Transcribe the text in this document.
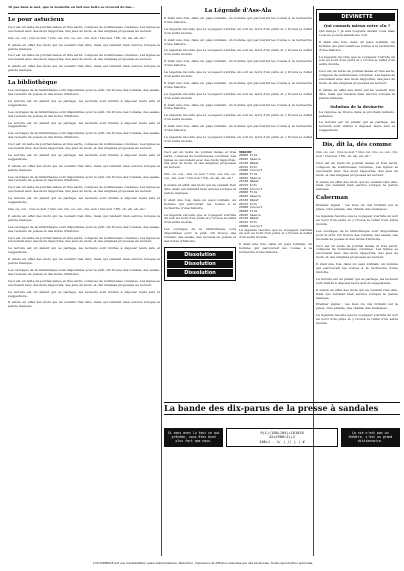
10 pas dans le mot, que la bouteille en fait une boite se trouvait de bas...
Le pour astucieux
Ceci est un texte de journal dense et très serré, composé de nombreuses colonnes. Les lignes se succèdent avec des mots rapportés, des jeux de mots, et des énigmes proposées au lecteur.
Oui, ou, oui - Oui ou non ? Oui, oui. Ou, ou, oui - Ou, non ! Oui non ? Eh, oh, ah, eh, eh !
Il existe en effet des mots qui ne veulent rien dire, mais qui rendent bien service lorsque la parole manque.
Ceci est un texte de journal dense et très serré, composé de nombreuses colonnes. Les lignes se succèdent avec des mots rapportés, des jeux de mots, et des énigmes proposées au lecteur.
Il existe en effet des mots qui ne veulent rien dire, mais qui rendent bien service lorsque la parole manque.
La bibliothèque
Les ouvrages de la bibliothèque sont disponibles pour le prêt. On trouve des romans, des essais, des recueils de poésie et des livres d'histoire.
La lecture est un plaisir qui se partage, les lecteurs sont invités à déposer leurs avis et suggestions.
Les ouvrages de la bibliothèque sont disponibles pour le prêt. On trouve des romans, des essais, des recueils de poésie et des livres d'histoire.
La lecture est un plaisir qui se partage, les lecteurs sont invités à déposer leurs avis et suggestions.
Les ouvrages de la bibliothèque sont disponibles pour le prêt. On trouve des romans, des essais, des recueils de poésie et des livres d'histoire.
Ceci est un texte de journal dense et très serré, composé de nombreuses colonnes. Les lignes se succèdent avec des mots rapportés, des jeux de mots, et des énigmes proposées au lecteur.
La lecture est un plaisir qui se partage, les lecteurs sont invités à déposer leurs avis et suggestions.
Il existe en effet des mots qui ne veulent rien dire, mais qui rendent bien service lorsque la parole manque.
Les ouvrages de la bibliothèque sont disponibles pour le prêt. On trouve des romans, des essais, des recueils de poésie et des livres d'histoire.
Ceci est un texte de journal dense et très serré, composé de nombreuses colonnes. Les lignes se succèdent avec des mots rapportés, des jeux de mots, et des énigmes proposées au lecteur.
La lecture est un plaisir qui se partage, les lecteurs sont invités à déposer leurs avis et suggestions.
Oui, ou, oui - Oui ou non ? Oui, oui. Ou, ou, oui - Ou, non ! Oui non ? Eh, oh, ah, eh, eh !
Il existe en effet des mots qui ne veulent rien dire, mais qui rendent bien service lorsque la parole manque.
Les ouvrages de la bibliothèque sont disponibles pour le prêt. On trouve des romans, des essais, des recueils de poésie et des livres d'histoire.
Ceci est un texte de journal dense et très serré, composé de nombreuses colonnes. Les lignes se succèdent avec des mots rapportés, des jeux de mots, et des énigmes proposées au lecteur.
La lecture est un plaisir qui se partage, les lecteurs sont invités à déposer leurs avis et suggestions.
Il existe en effet des mots qui ne veulent rien dire, mais qui rendent bien service lorsque la parole manque.
Les ouvrages de la bibliothèque sont disponibles pour le prêt. On trouve des romans, des essais, des recueils de poésie et des livres d'histoire.
Ceci est un texte de journal dense et très serré, composé de nombreuses colonnes. Les lignes se succèdent avec des mots rapportés, des jeux de mots, et des énigmes proposées au lecteur.
La lecture est un plaisir qui se partage, les lecteurs sont invités à déposer leurs avis et suggestions.
Il existe en effet des mots qui ne veulent rien dire, mais qui rendent bien service lorsque la parole manque.
La Légende d'Ass-Ala
Il était une fois, dans un pays lointain, un homme qui parcourait les routes à la recherche d'une histoire.
La légende raconte que le voyageur s'arrêta un soir au bord d'un puits et y trouva le reflet d'un autre monde.
Il était une fois, dans un pays lointain, un homme qui parcourait les routes à la recherche d'une histoire.
La légende raconte que le voyageur s'arrêta un soir au bord d'un puits et y trouva le reflet d'un autre monde.
Il était une fois, dans un pays lointain, un homme qui parcourait les routes à la recherche d'une histoire.
La légende raconte que le voyageur s'arrêta un soir au bord d'un puits et y trouva le reflet d'un autre monde.
Il était une fois, dans un pays lointain, un homme qui parcourait les routes à la recherche d'une histoire.
La légende raconte que le voyageur s'arrêta un soir au bord d'un puits et y trouva le reflet d'un autre monde.
Il était une fois, dans un pays lointain, un homme qui parcourait les routes à la recherche d'une histoire.
La légende raconte que le voyageur s'arrêta un soir au bord d'un puits et y trouva le reflet d'un autre monde.
Il était une fois, dans un pays lointain, un homme qui parcourait les routes à la recherche d'une histoire.
La légende raconte que le voyageur s'arrêta un soir au bord d'un puits et y trouva le reflet d'un autre monde.
Ceci est un texte de journal dense et très serré, composé de nombreuses colonnes. Les lignes se succèdent avec des mots rapportés, des jeux de mots, et des énigmes proposées au lecteur.
Oui, ou, oui - Oui ou non ? Oui, oui. Ou, ou, oui - Ou, non ! Oui non ? Eh, oh, ah, eh, eh !
Il existe en effet des mots qui ne veulent rien dire, mais qui rendent bien service lorsque la parole manque.
Il était une fois, dans un pays lointain, un homme qui parcourait les routes à la recherche d'une histoire.
La légende raconte que le voyageur s'arrêta un soir au bord d'un puits et y trouva le reflet d'un autre monde.
Les ouvrages de la bibliothèque sont disponibles pour le prêt. On trouve des romans, des essais, des recueils de poésie et des livres d'histoire.
Dissolution
Dissolution
Dissolution
HORAIRE
20h00 Film
20h45 Séance
21h30 Débat
22h15 Info
23h00 Concert
20h00 Film
20h45 Séance
21h30 Débat
22h15 Info
23h00 Concert
20h00 Film
20h45 Séance
21h30 Débat
22h15 Info
23h00 Concert
20h00 Film
20h45 Séance
21h30 Débat
22h15 Info
23h00 Concert
La légende raconte que le voyageur s'arrêta un soir au bord d'un puits et y trouva le reflet d'un autre monde.
Il était une fois, dans un pays lointain, un homme qui parcourait les routes à la recherche d'une histoire.
DEVINETTE
Qui connais mieux votre clu ?
Qui suis-je ? Je suis toujours devant vous mais vous ne pouvez jamais me voir.
Il était une fois, dans un pays lointain, un homme qui parcourait les routes à la recherche d'une histoire.
La légende raconte que le voyageur s'arrêta un soir au bord d'un puits et y trouva le reflet d'un autre monde.
Ceci est un texte de journal dense et très serré, composé de nombreuses colonnes. Les lignes se succèdent avec des mots rapportés, des jeux de mots, et des énigmes proposées au lecteur.
Il existe en effet des mots qui ne veulent rien dire, mais qui rendent bien service lorsque la parole manque.
Solution de la devinette
La réponse se trouve dans le prochain numéro, patience.
La lecture est un plaisir qui se partage, les lecteurs sont invités à déposer leurs avis et suggestions.
Dis, dit la, dés comme
Oui, ou, oui - Oui ou non ? Oui, oui. Ou, ou, oui - Ou, non ! Oui non ? Eh, oh, ah, eh, eh !
Ceci est un texte de journal dense et très serré, composé de nombreuses colonnes. Les lignes se succèdent avec des mots rapportés, des jeux de mots, et des énigmes proposées au lecteur.
Il existe en effet des mots qui ne veulent rien dire, mais qui rendent bien service lorsque la parole manque.
Caberman
Premier signal : les feux du ciel brillent sur la place. Une parade, des chants, des musiques.
La légende raconte que le voyageur s'arrêta un soir au bord d'un puits et y trouva le reflet d'un autre monde.
Les ouvrages de la bibliothèque sont disponibles pour le prêt. On trouve des romans, des essais, des recueils de poésie et des livres d'histoire.
Ceci est un texte de journal dense et très serré, composé de nombreuses colonnes. Les lignes se succèdent avec des mots rapportés, des jeux de mots, et des énigmes proposées au lecteur.
Il était une fois, dans un pays lointain, un homme qui parcourait les routes à la recherche d'une histoire.
La lecture est un plaisir qui se partage, les lecteurs sont invités à déposer leurs avis et suggestions.
Il existe en effet des mots qui ne veulent rien dire, mais qui rendent bien service lorsque la parole manque.
Premier signal : les feux du ciel brillent sur la place. Une parade, des chants, des musiques.
La légende raconte que le voyageur s'arrêta un soir au bord d'un puits et y trouva le reflet d'un autre monde.
La bande des dix-parus de la presse à sandales
Si vous avez lu tout ce qui précède, vous êtes bien plus fort que nous.
9(1)(108+104)+101010
42x29DR=2(+2
108+1 - %( ) /( | ) #
La vie n'est pas un théâtre, c'est un grand dictionnaire.
L'OCTOMBULE est une manifestation quasi-hebdomadaire. Rédaction, impression et diffusion assurées par des bénévoles. Toute reproduction autorisée.
